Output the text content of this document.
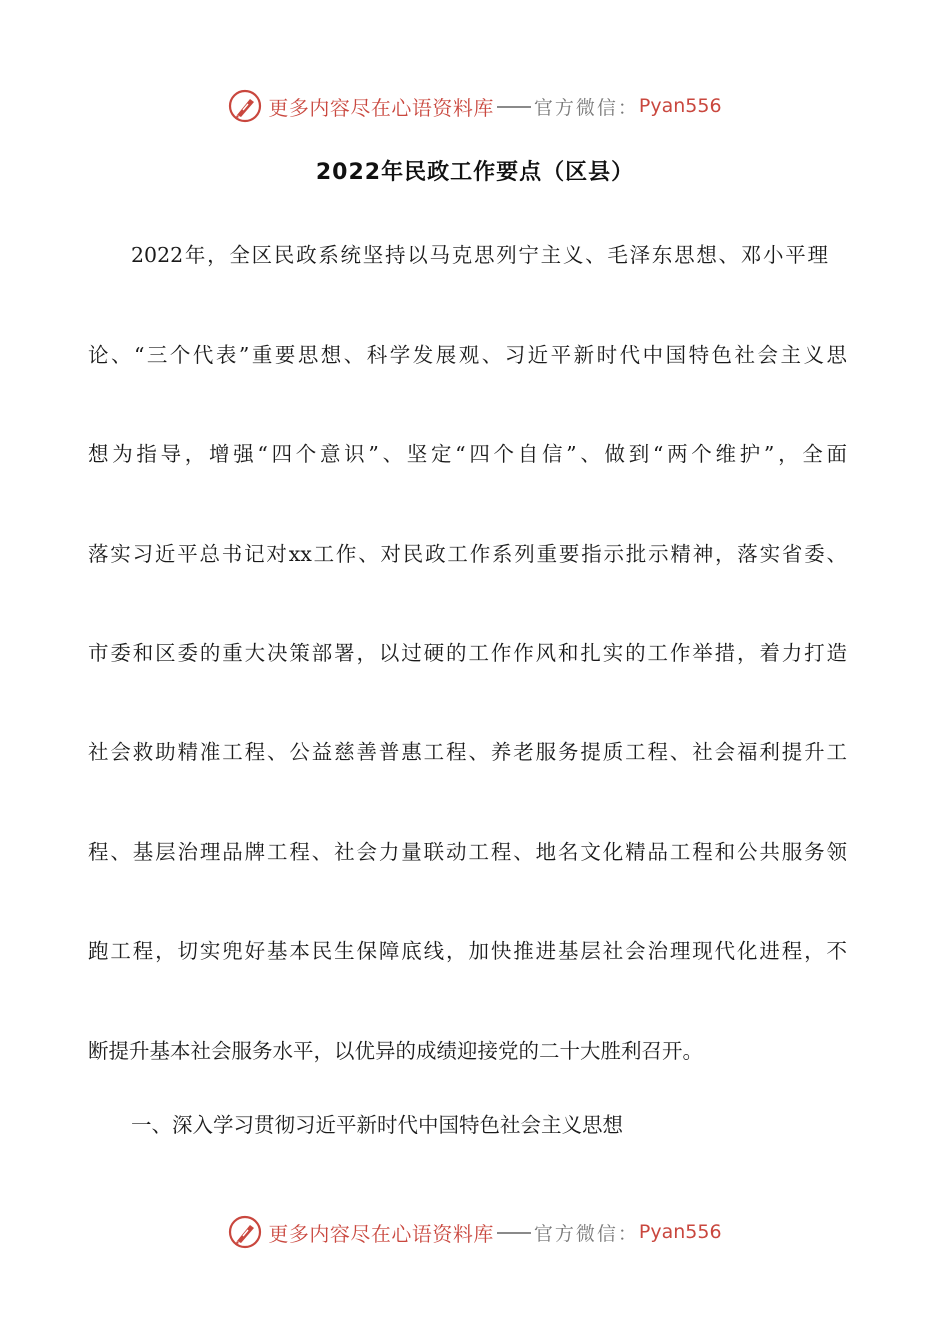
更多内容尽在心语资料库 官方微信： Pyan556
2022年民政工作要点（区县）
2022年，全区民政系统坚持以马克思列宁主义、毛泽东思想、邓小平理
论、“三个代表”重要思想、科学发展观、习近平新时代中国特色社会主义思
想为指导，增强“四个意识”、坚定“四个自信”、做到“两个维护”，全面
落实习近平总书记对xx工作、对民政工作系列重要指示批示精神，落实省委、
市委和区委的重大决策部署，以过硬的工作作风和扎实的工作举措，着力打造
社会救助精准工程、公益慈善普惠工程、养老服务提质工程、社会福利提升工
程、基层治理品牌工程、社会力量联动工程、地名文化精品工程和公共服务领
跑工程，切实兜好基本民生保障底线，加快推进基层社会治理现代化进程，不
断提升基本社会服务水平，以优异的成绩迎接党的二十大胜利召开。
一、深入学习贯彻习近平新时代中国特色社会主义思想
更多内容尽在心语资料库 官方微信： Pyan556
